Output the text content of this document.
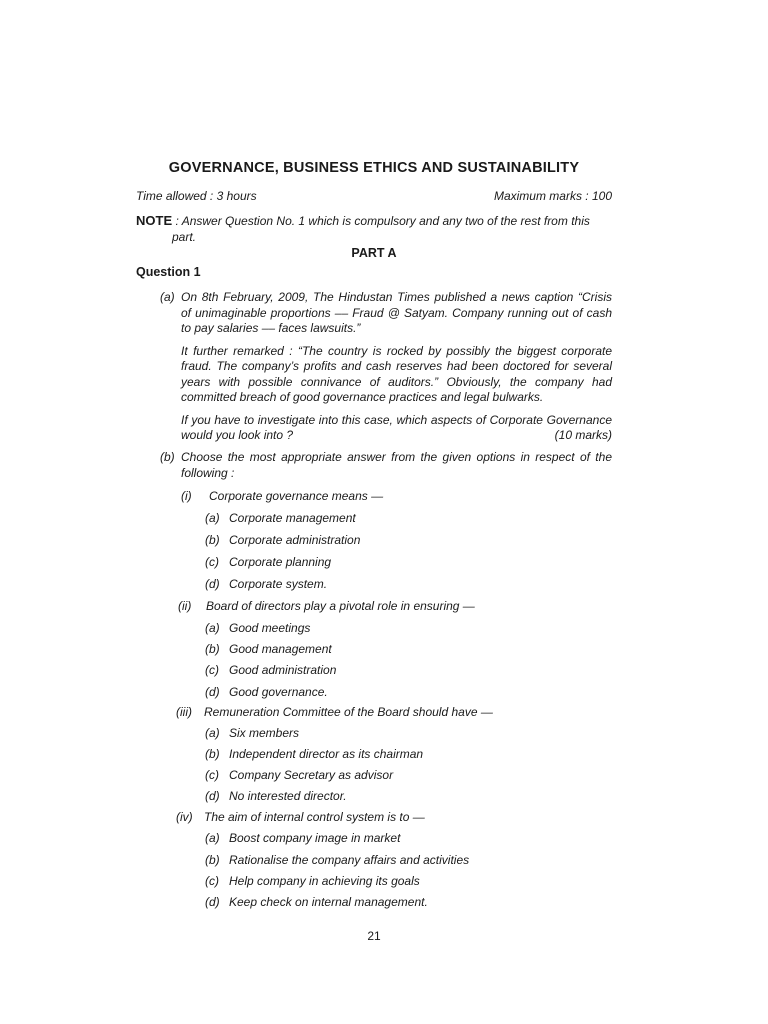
GOVERNANCE, BUSINESS ETHICS AND SUSTAINABILITY
Time allowed : 3 hours	Maximum marks : 100
NOTE : Answer Question No. 1 which is compulsory and any two of the rest from this
part.
PART A
Question 1
(a) On 8th February, 2009, The Hindustan Times published a news caption “Crisis
of unimaginable proportions –– Fraud @ Satyam. Company running out of cash
to pay salaries –– faces lawsuits.”
It further remarked : “The country is rocked by possibly the biggest corporate
fraud. The company’s profits and cash reserves had been doctored for several
years with possible connivance of auditors.” Obviously, the company had
committed breach of good governance practices and legal bulwarks.
If you have to investigate into this case, which aspects of Corporate Governance
would you look into ?	(10 marks)
(b) Choose the most appropriate answer from the given options in respect of the
following :
(i) Corporate governance means —
(a) Corporate management
(b) Corporate administration
(c) Corporate planning
(d) Corporate system.
(ii) Board of directors play a pivotal role in ensuring —
(a) Good meetings
(b) Good management
(c) Good administration
(d) Good governance.
(iii) Remuneration Committee of the Board should have —
(a) Six members
(b) Independent director as its chairman
(c) Company Secretary as advisor
(d) No interested director.
(iv) The aim of internal control system is to —
(a) Boost company image in market
(b) Rationalise the company affairs and activities
(c) Help company in achieving its goals
(d) Keep check on internal management.
21
